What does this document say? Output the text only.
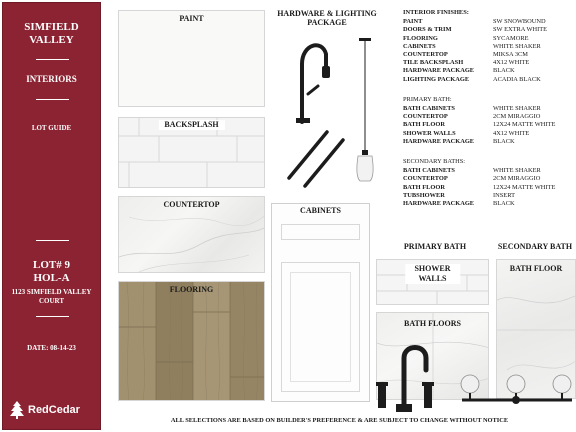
SIMFIELD
VALLEY
INTERIORS
LOT GUIDE
LOT# 9
HOL-A
1123 SIMFIELD VALLEY
COURT
DATE: 08-14-23
RedCedar
PAINT
BACKSPLASH
COUNTERTOP
FLOORING
HARDWARE & LIGHTING
PACKAGE
CABINETS
INTERIOR FINISHES:
PAINT	SW SNOWBOUND
DOORS & TRIM	SW EXTRA WHITE
FLOORING	SYCAMORE
CABINETS	WHITE SHAKER
COUNTERTOP	MIKSA 3CM
TILE BACKSPLASH	4X12 WHITE
HARDWARE PACKAGE	BLACK
LIGHTING PACKAGE	ACADIA BLACK
PRIMARY BATH:
BATH CABINETS	WHITE SHAKER
COUNTERTOP	2CM MIRAGGIO
BATH FLOOR	12X24 MATTE WHITE
SHOWER WALLS	4X12 WHITE
HARDWARE PACKAGE	BLACK
SECONDARY BATHS:
BATH CABINETS	WHITE SHAKER
COUNTERTOP	2CM MIRAGGIO
BATH FLOOR	12X24 MATTE WHITE
TUBSHOWER	INSERT
HARDWARE PACKAGE	BLACK
PRIMARY BATH	SECONDARY BATH
SHOWER WALLS
BATH FLOOR
BATH FLOORS
ALL SELECTIONS ARE BASED ON BUILDER'S PREFERENCE & ARE SUBJECT TO CHANGE WITHOUT NOTICE
